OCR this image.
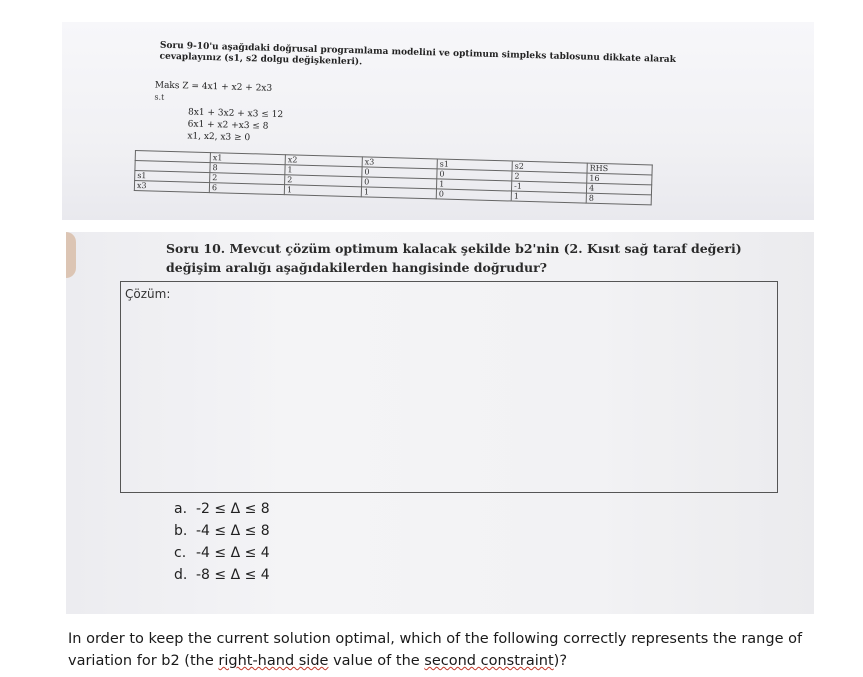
Soru 9-10'u aşağıdaki doğrusal programlama modelini ve optimum simpleks tablosunu dikkate alarak cevaplayınız (s1, s2 dolgu değişkenleri).
Maks Z = 4x1 + x2 + 2x3
s.t
8x1 + 3x2 + x3 ≤ 12
6x1 + x2 +x3 ≤ 8
x1, x2, x3 ≥ 0
	x1	x2	x3	s1	s2	RHS
	8	1	0	0	2	16
s1	2	2	0	1	-1	4
x3	6	1	1	0	1	8
Soru 10. Mevcut çözüm optimum kalacak şekilde b2'nin (2. Kısıt sağ taraf değeri) değişim aralığı aşağıdakilerden hangisinde doğrudur?
Çözüm:
a. -2 ≤ Δ ≤ 8
b. -4 ≤ Δ ≤ 8
c. -4 ≤ Δ ≤ 4
d. -8 ≤ Δ ≤ 4
In order to keep the current solution optimal, which of the following correctly represents the range of variation for b2 (the right-hand side value of the second constraint)?
